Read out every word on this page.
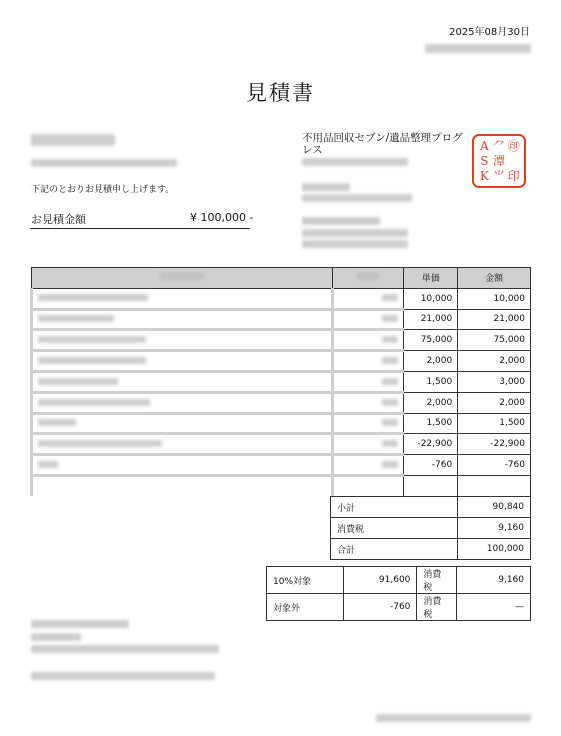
2025年08月30日
見積書
下記のとおりお見積申し上げます。
お見積金額	¥ 100,000 -
不用品回収セブン/遺品整理プログレス	A ⺈ ㊞
S 潭
K ⺌ 印
		単価	金額
		10,000	10,000
		21,000	21,000
		75,000	75,000
		2,000	2,000
		1,500	3,000
		2,000	2,000
		1,500	1,500
		-22,900	-22,900
		-760	-760

小計	90,840
消費税	9,160
合計	100,000
10%対象	91,600	消費税	9,160
対象外	-760	消費税	—
